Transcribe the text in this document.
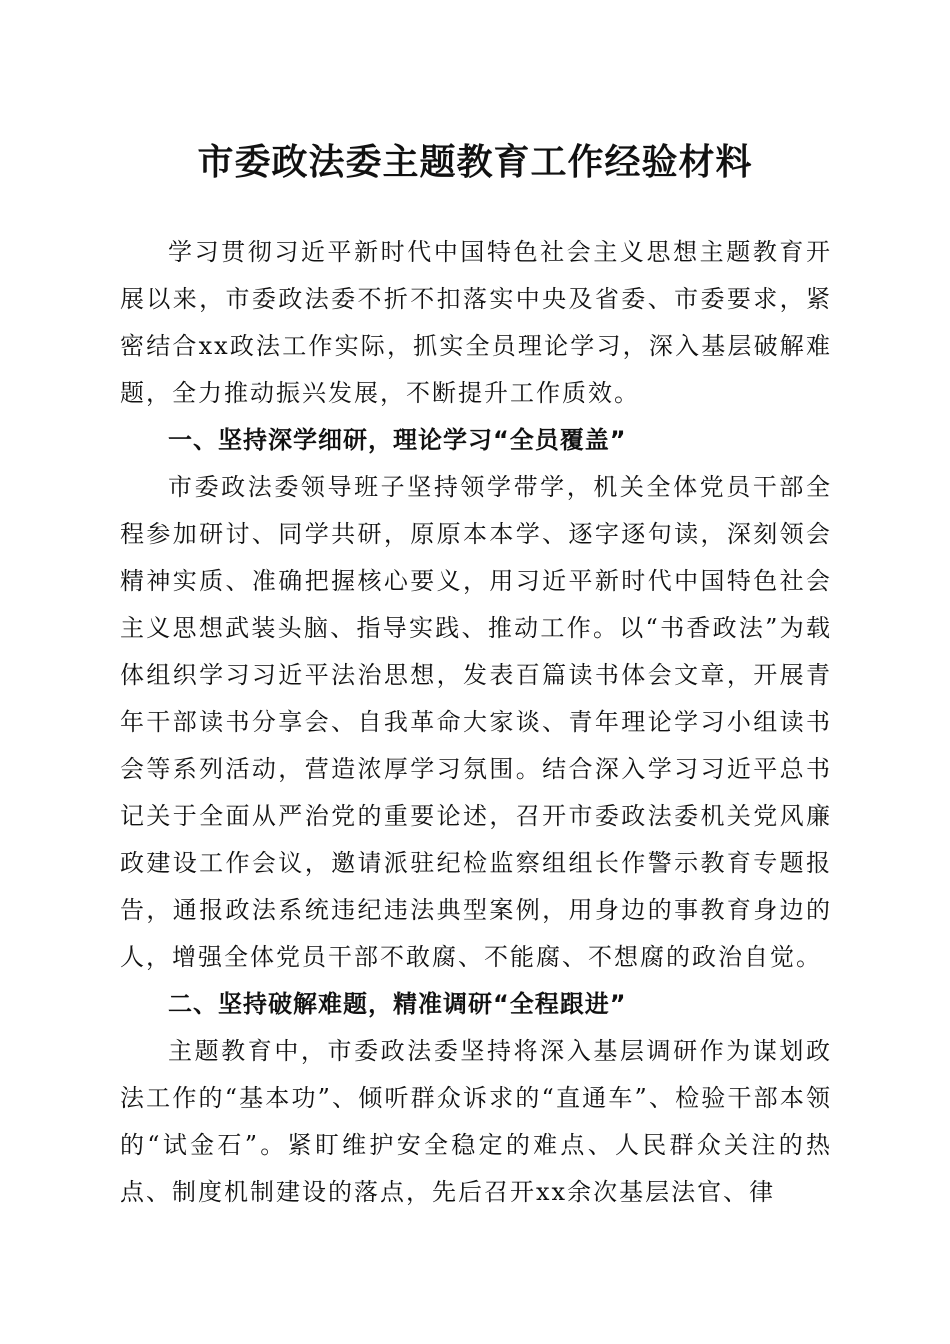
市委政法委主题教育工作经验材料

学习贯彻习近平新时代中国特色社会主义思想主题教育开展以来，市委政法委不折不扣落实中央及省委、市委要求，紧密结合xx政法工作实际，抓实全员理论学习，深入基层破解难题，全力推动振兴发展，不断提升工作质效。

一、坚持深学细研，理论学习“全员覆盖”

市委政法委领导班子坚持领学带学，机关全体党员干部全程参加研讨、同学共研，原原本本学、逐字逐句读，深刻领会精神实质、准确把握核心要义，用习近平新时代中国特色社会主义思想武装头脑、指导实践、推动工作。以“书香政法”为载体组织学习习近平法治思想，发表百篇读书体会文章，开展青年干部读书分享会、自我革命大家谈、青年理论学习小组读书会等系列活动，营造浓厚学习氛围。结合深入学习习近平总书记关于全面从严治党的重要论述，召开市委政法委机关党风廉政建设工作会议，邀请派驻纪检监察组组长作警示教育专题报告，通报政法系统违纪违法典型案例，用身边的事教育身边的人，增强全体党员干部不敢腐、不能腐、不想腐的政治自觉。

二、坚持破解难题，精准调研“全程跟进”

主题教育中，市委政法委坚持将深入基层调研作为谋划政法工作的“基本功”、倾听群众诉求的“直通车”、检验干部本领的“试金石”。紧盯维护安全稳定的难点、人民群众关注的热点、制度机制建设的落点，先后召开xx余次基层法官、律
